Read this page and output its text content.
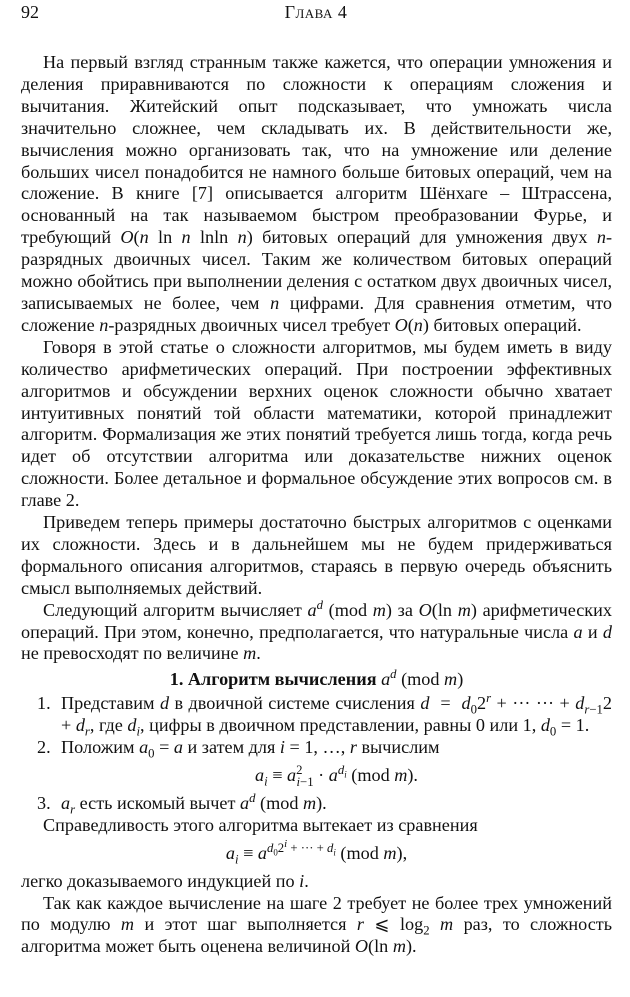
92	Глава 4

На первый взгляд странным также кажется, что операции умножения и деления приравниваются по сложности к операциям сложения и вычитания. Житейский опыт подсказывает, что умножать числа значительно сложнее, чем складывать их. В действительности же, вычисления можно организовать так, что на умножение или деление больших чисел понадобится не намного больше битовых операций, чем на сложение. В книге [7] описывается алгоритм Шёнхаге – Штрассена, основанный на так называемом быстром преобразовании Фурье, и требующий O(n ln n lnln n) битовых операций для умножения двух n-разрядных двоичных чисел. Таким же количеством битовых операций можно обойтись при выполнении деления с остатком двух двоичных чисел, записываемых не более, чем n цифрами. Для сравнения отметим, что сложение n-разрядных двоичных чисел требует O(n) битовых операций.

Говоря в этой статье о сложности алгоритмов, мы будем иметь в виду количество арифметических операций. При построении эффективных алгоритмов и обсуждении верхних оценок сложности обычно хватает интуитивных понятий той области математики, которой принадлежит алгоритм. Формализация же этих понятий требуется лишь тогда, когда речь идет об отсутствии алгоритма или доказательстве нижних оценок сложности. Более детальное и формальное обсуждение этих вопросов см. в главе 2.

Приведем теперь примеры достаточно быстрых алгоритмов с оценками их сложности. Здесь и в дальнейшем мы не будем придерживаться формального описания алгоритмов, стараясь в первую очередь объяснить смысл выполняемых действий.

Следующий алгоритм вычисляет $a^d$ (mod m) за O(ln m) арифметических операций. При этом, конечно, предполагается, что натуральные числа a и d не превосходят по величине m.

1. Алгоритм вычисления $a^d$ (mod m)
1. Представим d в двоичной системе счисления $d = d_02^r$ + ··· ··· + $d_{r-1}2 + d_r$, где $d_i$, цифры в двоичном представлении, равны 0 или 1, $d_0 = 1$.
2. Положим $a_0 = a$ и затем для i = 1, …, r вычислим
$a_i \equiv a^2_{i-1} \cdot a^{d_i}$ (mod m).
3. $a_r$ есть искомый вычет $a^d$ (mod m).

Справедливость этого алгоритма вытекает из сравнения

$a_i \equiv a^{d_02^i + \cdot\cdot\cdot + d_i}$ (mod m),

легко доказываемого индукцией по i.

Так как каждое вычисление на шаге 2 требует не более трех умножений по модулю m и этот шаг выполняется r ⩽ $\log_2 m$ раз, то сложность алгоритма может быть оценена величиной O(ln m).
